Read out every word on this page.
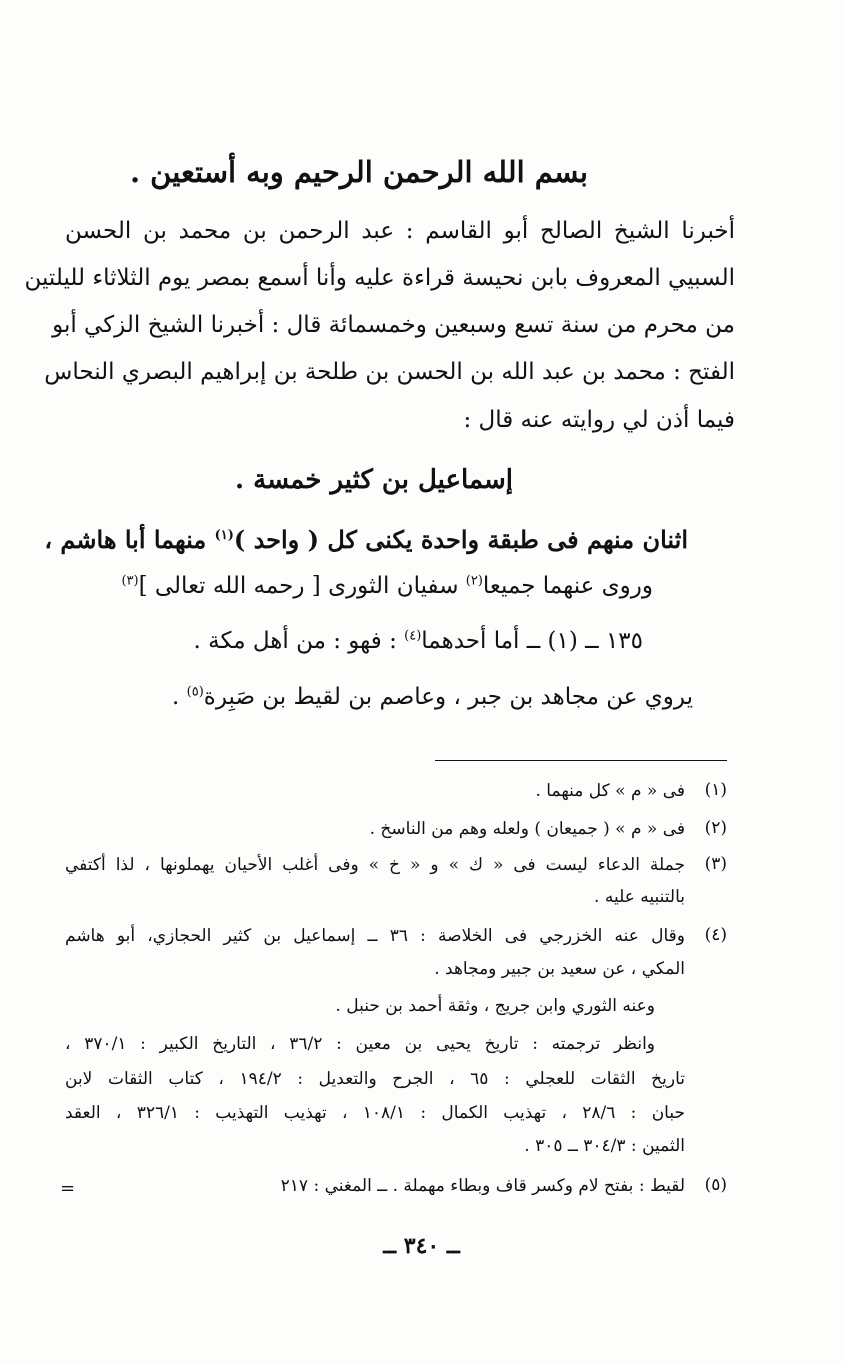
بسم الله الرحمن الرحيم وبه أستعين .
أخبرنا الشيخ الصالح أبو القاسم : عبد الرحمن بن محمد بن الحسن
السبيي المعروف بابن نحيسة قراءة عليه وأنا أسمع بمصر يوم الثلاثاء لليلتين
من محرم من سنة تسع وسبعين وخمسمائة قال : أخبرنا الشيخ الزكي أبو
الفتح : محمد بن عبد الله بن الحسن بن طلحة بن إبراهيم البصري النحاس
فيما أذن لي روايته عنه قال :
إسماعيل بن كثير خمسة .
اثنان منهم فى طبقة واحدة يكنى كل ( واحد )$^{(١)}$ منهما أبا هاشم ،
وروى عنهما جميعا$^{(٢)}$ سفيان الثورى [ رحمه الله تعالى ]$^{(٣)}$
١٣٥ ــ (١) ــ أما أحدهما$^{(٤)}$ : فهو : من أهل مكة .
يروي عن مجاهد بن جبر ، وعاصم بن لقيط بن صَبِرة$^{(٥)}$ .
(١)
فى « م » كل منهما .
(٢)
فى « م » ( جميعان ) ولعله وهم من الناسخ .
(٣)
جملة الدعاء ليست فى « ك » و « خ » وفى أغلب الأحيان يهملونها ، لذا أكتفي
بالتنبيه عليه .
(٤)
وقال عنه الخزرجي فى الخلاصة : ٣٦ ــ إسماعيل بن كثير الحجازي، أبو هاشم
المكي ، عن سعيد بن جبير ومجاهد .
وعنه الثوري وابن جريج ، وثقة أحمد بن حنبل .
وانظر ترجمته : تاريخ يحيى بن معين : ٣٦/٢ ، التاريخ الكبير : ٣٧٠/١ ،
تاريخ الثقات للعجلي : ٦٥ ، الجرح والتعديل : ١٩٤/٢ ، كتاب الثقات لابن
حبان : ٢٨/٦ ، تهذيب الكمال : ١٠٨/١ ، تهذيب التهذيب : ٣٢٦/١ ، العقد
الثمين : ٣٠٤/٣ ــ ٣٠٥ .
(٥)
لقيط : بفتح لام وكسر قاف وبطاء مهملة . ــ المغني : ٢١٧
=
ــ ٣٤٠ ــ
